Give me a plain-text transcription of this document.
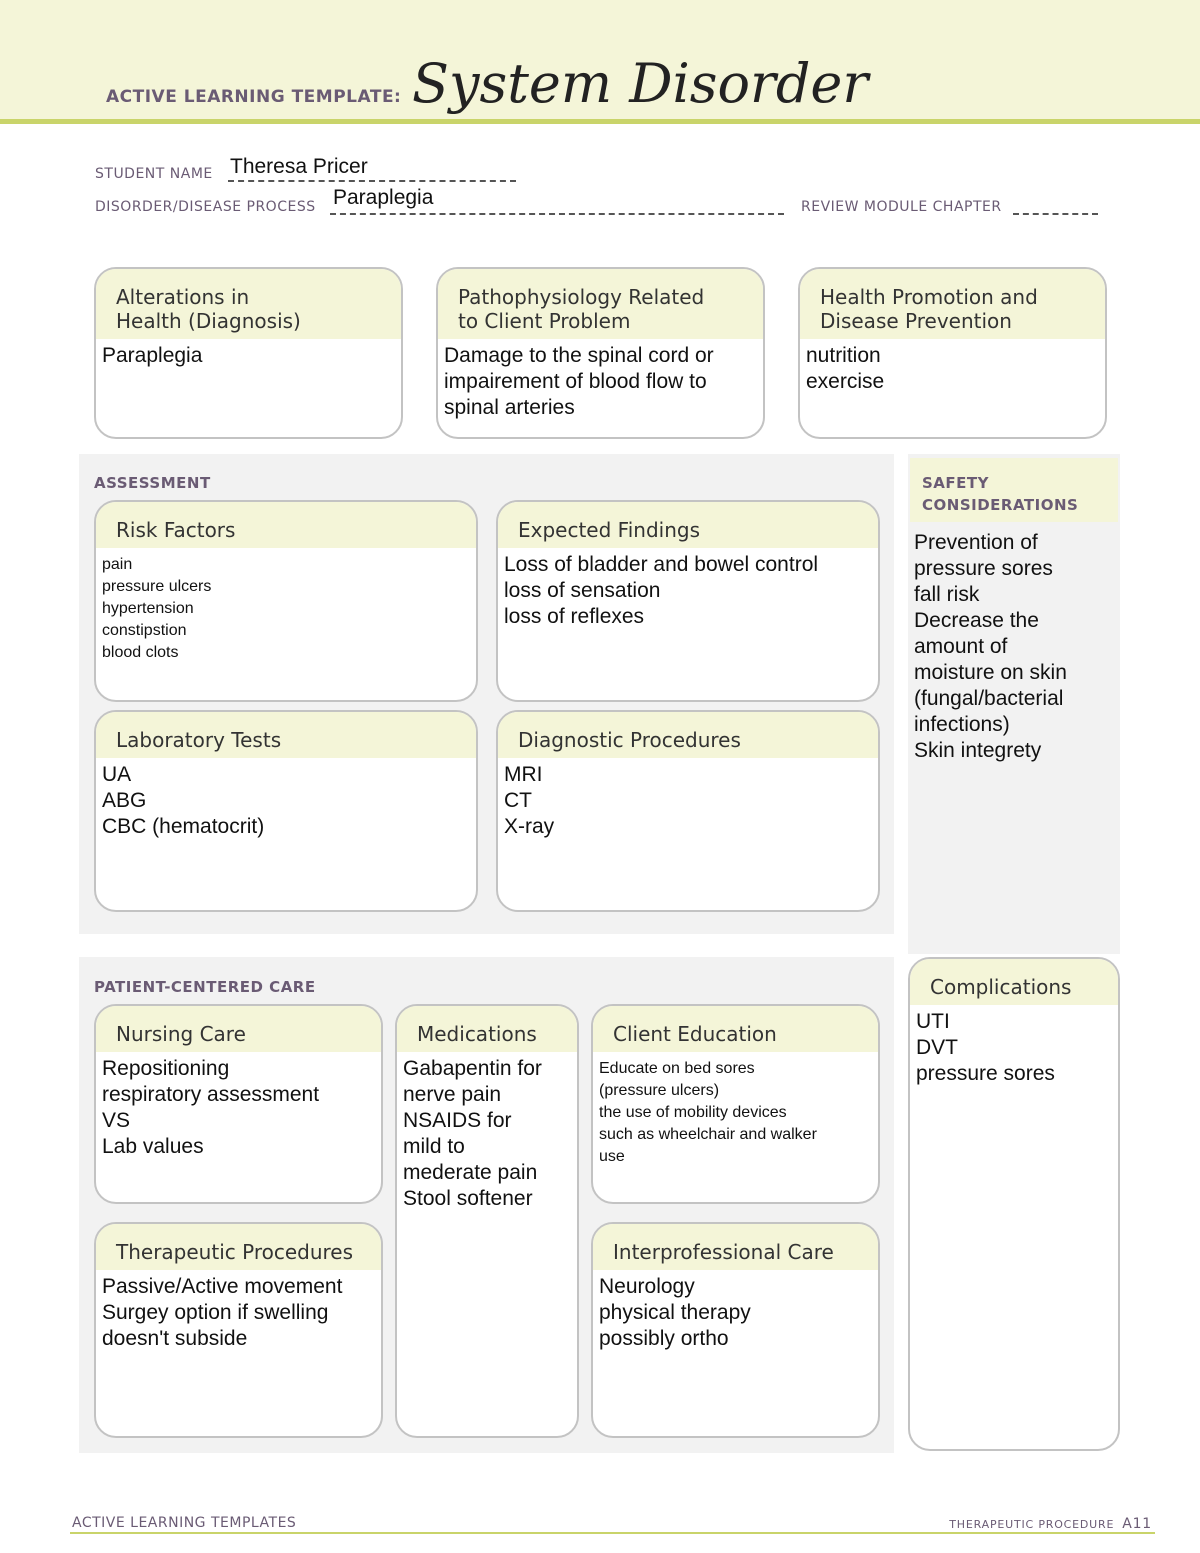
ACTIVE LEARNING TEMPLATE: System Disorder
STUDENT NAME Theresa Pricer
DISORDER/DISEASE PROCESS Paraplegia	REVIEW MODULE CHAPTER
Alterations in
Health (Diagnosis)
Paraplegia
Pathophysiology Related
to Client Problem
Damage to the spinal cord or
impairement of blood flow to
spinal arteries
Health Promotion and
Disease Prevention
nutrition
exercise
ASSESSMENT
Risk Factors
pain
pressure ulcers
hypertension
constipstion
blood clots
Expected Findings
Loss of bladder and bowel control
loss of sensation
loss of reflexes
Laboratory Tests
UA
ABG
CBC (hematocrit)
Diagnostic Procedures
MRI
CT
X-ray
SAFETY
CONSIDERATIONS
Prevention of
pressure sores
fall risk
Decrease the
amount of
moisture on skin
(fungal/bacterial
infections)
Skin integrety
PATIENT-CENTERED CARE
Nursing Care
Repositioning
respiratory assessment
VS
Lab values
Medications
Gabapentin for
nerve pain
NSAIDS for
mild to
mederate pain
Stool softener
Client Education
Educate on bed sores
(pressure ulcers)
the use of mobility devices
such as wheelchair and walker
use
Therapeutic Procedures
Passive/Active movement
Surgey option if swelling
doesn't subside
Interprofessional Care
Neurology
physical therapy
possibly ortho
Complications
UTI
DVT
pressure sores
ACTIVE LEARNING TEMPLATES	THERAPEUTIC PROCEDURE A11
